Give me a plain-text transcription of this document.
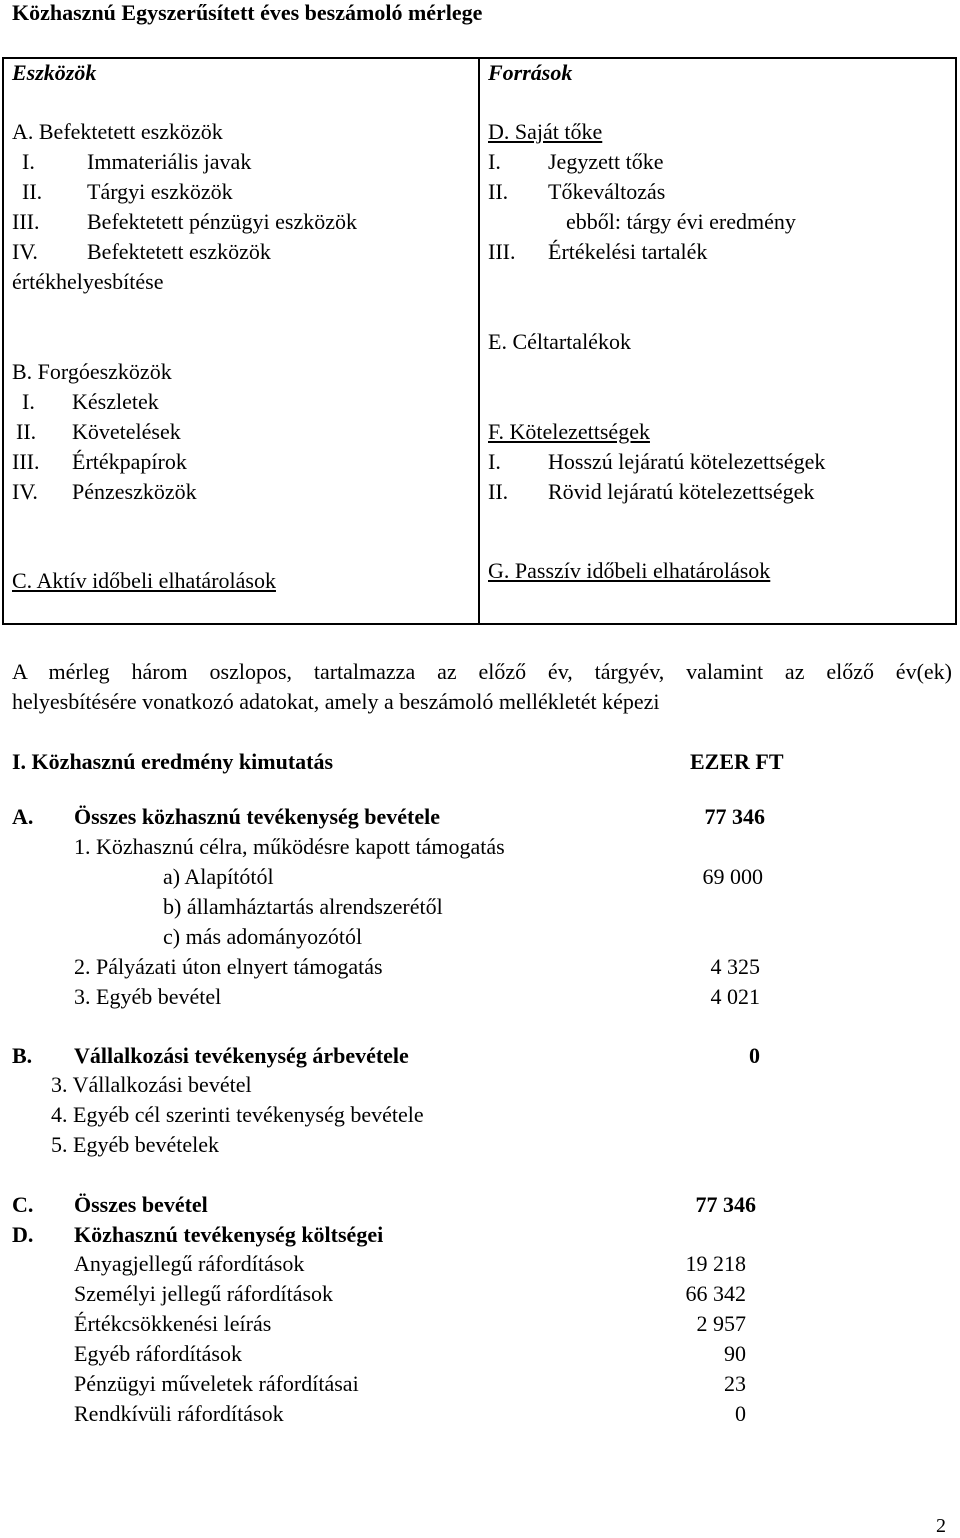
Közhasznú Egyszerűsített éves beszámoló mérlege
Eszközök
A. Befektetett eszközök
I. Immateriális javak
II. Tárgyi eszközök
III. Befektetett pénzügyi eszközök
IV. Befektetett eszközök
értékhelyesbítése
B. Forgóeszközök
I. Készletek
II. Követelések
III. Értékpapírok
IV. Pénzeszközök
C. Aktív időbeli elhatárolások
Források
D. Saját tőke
I. Jegyzett tőke
II. Tőkeváltozás
ebből: tárgy évi eredmény
III. Értékelési tartalék
E. Céltartalékok
F. Kötelezettségek
I. Hosszú lejáratú kötelezettségek
II. Rövid lejáratú kötelezettségek
G. Passzív időbeli elhatárolások
A mérleg három oszlopos, tartalmazza az előző év, tárgyév, valamint az előző év(ek)
helyesbítésére vonatkozó adatokat, amely a beszámoló mellékletét képezi
I. Közhasznú eredmény kimutatás	EZER FT
A. Összes közhasznú tevékenység bevétele	77 346
1. Közhasznú célra, működésre kapott támogatás
a) Alapítótól	69 000
b) államháztartás alrendszerétől
c) más adományozótól
2. Pályázati úton elnyert támogatás	4 325
3. Egyéb bevétel	4 021
B. Vállalkozási tevékenység árbevétele	0
3. Vállalkozási bevétel
4. Egyéb cél szerinti tevékenység bevétele
5. Egyéb bevételek
C. Összes bevétel	77 346
D. Közhasznú tevékenység költségei
Anyagjellegű ráfordítások	19 218
Személyi jellegű ráfordítások	66 342
Értékcsökkenési leírás	2 957
Egyéb ráfordítások	90
Pénzügyi műveletek ráfordításai	23
Rendkívüli ráfordítások	0
2
